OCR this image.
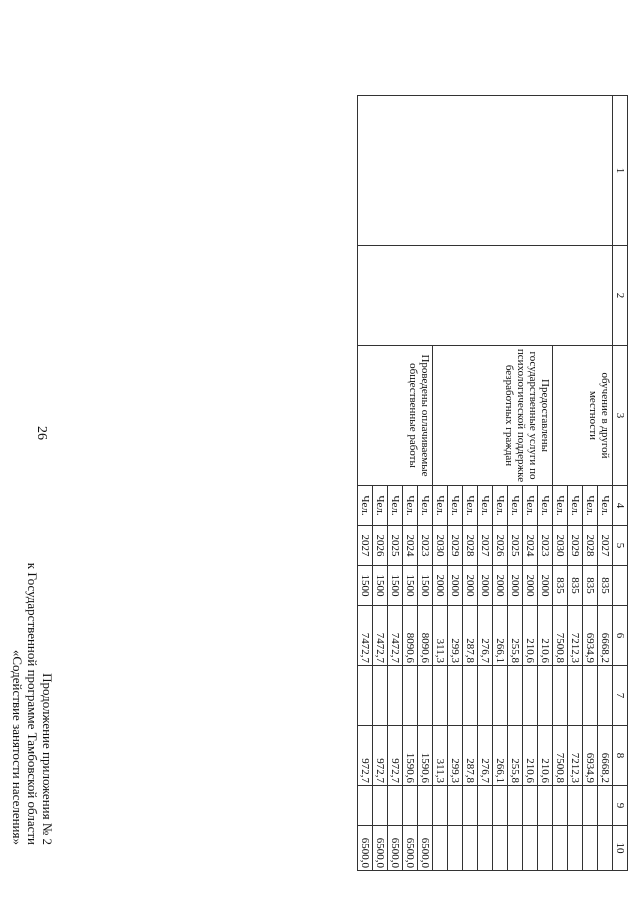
26
Продолжение приложения № 2
к Государственной программе Тамбовской области
«Содействие занятости населения»
1	2	3	4	5		6	7	8	9	10
		обучение в другой местности	Чел.	2027	835	6668,2		6668,2		
			Чел.	2028	835	6934,9		6934,9		
			Чел.	2029	835	7212,3		7212,3		
			Чел.	2030	835	7500,8		7500,8		
		Предоставлены государственные услуги по психологической поддержке безработных граждан	Чел.	2023	2000	210,6		210,6		
			Чел.	2024	2000	210,6		210,6		
			Чел.	2025	2000	255,8		255,8		
			Чел.	2026	2000	266,1		266,1		
			Чел.	2027	2000	276,7		276,7		
			Чел.	2028	2000	287,8		287,8		
			Чел.	2029	2000	299,3		299,3		
			Чел.	2030	2000	311,3		311,3		
		Проведены оплачиваемые общественные работы	Чел.	2023	1500	8090,6		1590,6		6500,0
			Чел.	2024	1500	8090,6		1590,6		6500,0
			Чел.	2025	1500	7472,7		972,7		6500,0
			Чел.	2026	1500	7472,7		972,7		6500,0
			Чел.	2027	1500	7472,7		972,7		6500,0
